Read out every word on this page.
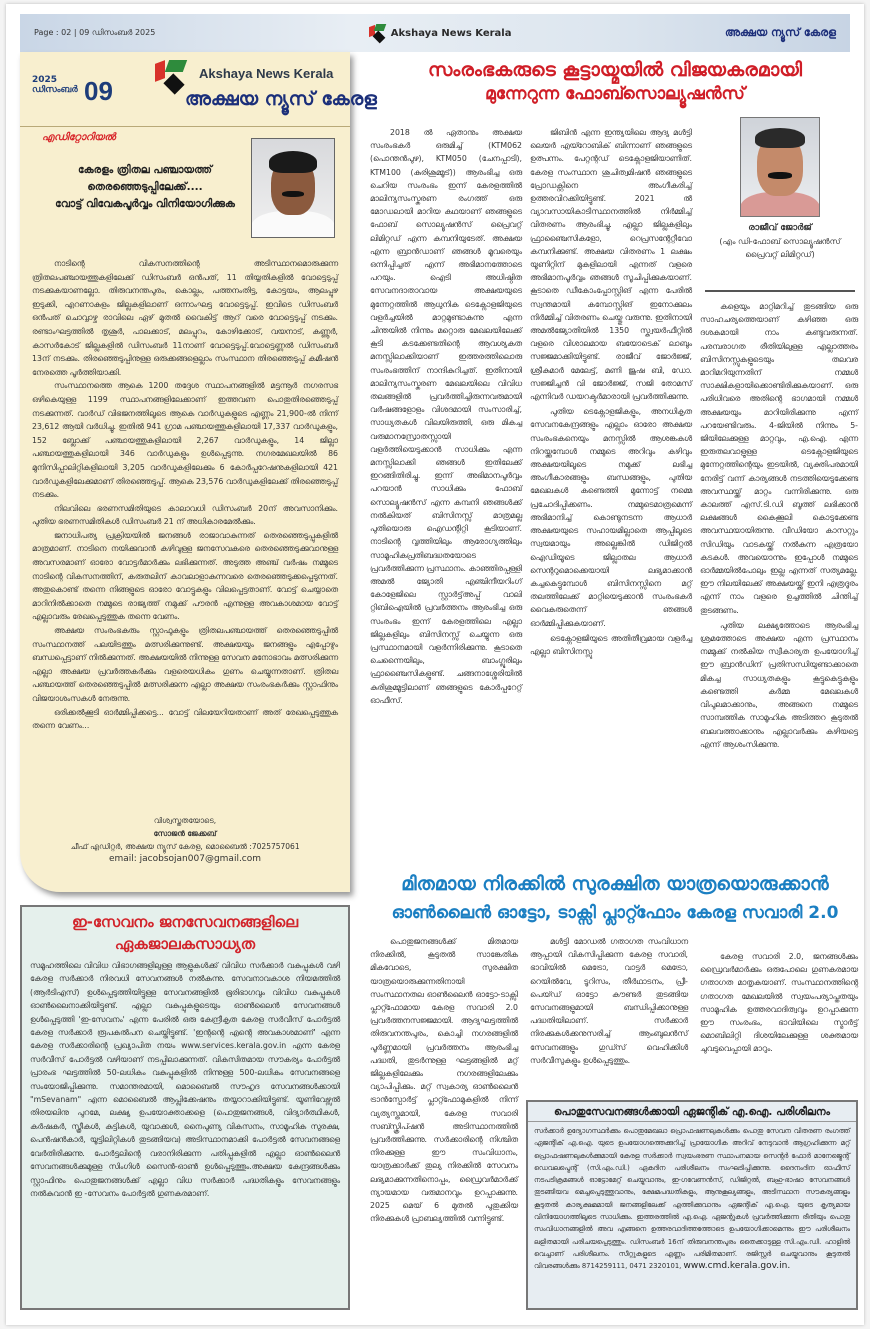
Page : 02 | 09 ഡിസംബർ 2025	Akshaya News Kerala	അക്ഷയ ന്യൂസ് കേരള
2025
ഡിസംബർ 09
Akshaya News Kerala
അക്ഷയ ന്യൂസ് കേരള
എഡിറ്റോറിയൽ
കേരളം ത്രിതല പഞ്ചായത്ത്
തെരഞ്ഞെടുപ്പിലേക്ക്....
വോട്ട് വിവേകപൂർവ്വം വിനിയോഗിക്കുക

നാടിന്റെ വികസനത്തിന്റെ അടിസ്ഥാനമൊരുക്കുന്ന ത്രിതലപഞ്ചായത്തുകളിലേക്ക് ഡിസംബർ ഒൻപത്, 11 തിയ്യതികളിൽ വോട്ടെടുപ്പ് നടക്കുകയാണല്ലോ. തിരുവനന്തപുരം, കൊല്ലം, പത്തനംതിട്ട, കോട്ടയം, ആലപ്പുഴ ഇടുക്കി, എറണാകുളം ജില്ലകളിലാണ് ഒന്നാംഘട്ട വോട്ടെടുപ്പ്. ഇവിടെ ഡിസംബർ ഒൻപത് ചൊവ്വാഴ്ച രാവിലെ ഏഴ് മുതൽ വൈകിട്ട് ആറ് വരെ വോട്ടെടുപ്പ് നടക്കും. രണ്ടാംഘട്ടത്തിൽ തൃശൂർ, പാലക്കാട്, മലപ്പുറം, കോഴിക്കോട്, വയനാട്, കണ്ണൂർ, കാസർകോട് ജില്ലകളിൽ ഡിസംബർ 11നാണ് വോട്ടെടുപ്പ്.വോട്ടെണ്ണൽ ഡിസംബർ 13ന് നടക്കും. തിരഞ്ഞെടുപ്പിനുള്ള ഒരുക്കങ്ങളെല്ലാം സംസ്ഥാന തിരഞ്ഞെടുപ്പ് കമീഷൻ നേരത്തെ പൂർത്തിയാക്കി.

സംസ്ഥാനത്തെ ആകെ 1200 തദ്ദേശ സ്ഥാപനങ്ങളിൽ മട്ടന്നൂർ നഗരസഭ ഒഴികെയുള്ള 1199 സ്ഥാപനങ്ങളിലേക്കാണ് ഇത്തവണ പൊതുതിരഞ്ഞെടുപ്പ് നടക്കുന്നത്. വാർഡ് വിഭജനത്തിലൂടെ ആകെ വാർഡുകളുടെ എണ്ണം 21,900-ൽ നിന്ന് 23,612 ആയി വർധിച്ചു. ഇതിൽ 941 ഗ്രാമ പഞ്ചായത്തുകളിലായി 17,337 വാർഡുകളും, 152 ബ്ലോക്ക് പഞ്ചായത്തുകളിലായി 2,267 വാർഡുകളും, 14 ജില്ലാ പഞ്ചായത്തുകളിലായി 346 വാർഡുകളും ഉൾപ്പെടുന്നു. നഗരമേഖലയിൽ 86 മുനിസിപ്പാലിറ്റികളിലായി 3,205 വാർഡുകളിലേക്കും 6 കോർപ്പറേഷനുകളിലായി 421 വാർഡുകളിലേക്കുമാണ് തിരഞ്ഞെടുപ്പ്. ആകെ 23,576 വാർഡുകളിലേക്ക് തിരഞ്ഞെടുപ്പ് നടക്കും.

നിലവിലെ ഭരണസമിതിയുടെ കാലാവധി ഡിസംബർ 20ന് അവസാനിക്കും. പുതിയ ഭരണസമിതികൾ ഡിസംബർ 21 ന് അധികാരമേൽക്കും.

ജനാധിപത്യ പ്രക്രിയയിൽ ജനങ്ങൾ രാജാവാകുന്നത് തെരഞ്ഞെടുപ്പുകളിൽ മാത്രമാണ്. നാടിനെ നയിക്കുവാൻ കഴിവുള്ള ജനസേവകരെ തെരഞ്ഞെടുക്കുവാനുള്ള അവസരമാണ് ഓരോ വോട്ടർമാർക്കും ലഭിക്കുന്നത്. അടുത്ത അഞ്ച് വർഷം നമ്മുടെ നാടിന്റെ വികസനത്തിന്, കരുതലിന് കാവലാളാകുന്നവരെ തെരഞ്ഞെടുക്കപ്പെടുന്നത്. അതുകൊണ്ട് തന്നെ നിങ്ങളുടെ ഓരോ വോട്ടുകളും വിലപ്പെട്ടതാണ്. വോട്ട് ചെയ്യാതെ മാറിനിൽക്കാതെ നമ്മുടെ രാജ്യത്ത് നമുക്ക് പൗരൻ എന്നുള്ള അവകാശമായ വോട്ട് എല്ലാവരും രേഖപ്പെടുത്തുക തന്നെ വേണം.

അക്ഷയ സംരംഭകരും സ്റ്റാഫുകളും ത്രിതലപഞ്ചായത്ത് തെരഞ്ഞെടുപ്പിൽ സംസ്ഥാനത്ത് പലയിടത്തും മത്സരിക്കുന്നുണ്ട്. അക്ഷയയും ജനങ്ങളും എപ്പോഴും ബന്ധപ്പെട്ടാണ് നിൽക്കുന്നത്. അക്ഷയയിൽ നിന്നുള്ള സേവന മനോഭാവം മത്സരിക്കുന്ന എല്ലാ അക്ഷയ പ്രവർത്തകർക്കും വളരെയധികം ഗുണം ചെയ്യുന്നതാണ്. ത്രിതല പഞ്ചായത്ത് തെരഞ്ഞെടുപ്പിൽ മത്സരിക്കുന്ന എല്ലാ അക്ഷയ സംരംഭകർക്കും സ്റ്റാഫിനും വിജയാശംസകൾ നേരുന്നു.

ഒരിക്കൽക്കൂടി ഓർമ്മിപ്പിക്കട്ടെ... വോട്ട് വിലയേറിയതാണ് അത് രേഖപ്പെടുത്തുക തന്നെ വേണം...

വിശ്വസ്തതയോടെ,
സോജൻ ജേക്കബ്
ചീഫ് എഡിറ്റർ, അക്ഷയ ന്യൂസ് കേരള, മൊബൈൽ :7025757061
email: jacobsojan007@gmail.com
ഇ-സേവനം ജനസേവനങ്ങളിലെ
ഏകജാലകസാധ്യത
സമൂഹത്തിലെ വിവിധ വിഭാഗങ്ങളിലുള്ള ആളുകൾക്ക് വിവിധ സർക്കാർ വകുപ്പുകൾ വഴി കേരള സർക്കാർ നിരവധി സേവനങ്ങൾ നൽകുന്നു. സേവനാവകാശ നിയമത്തിൽ (ആർടിഎസ്) ഉൾപ്പെടുത്തിയിട്ടുള്ള സേവനങ്ങളിൽ ഭൂരിഭാഗവും വിവിധ വകുപ്പുകൾ ഓൺലൈനാക്കിയിട്ടുണ്ട്. എല്ലാ വകുപ്പുകളുടെയും ഓൺലൈൻ സേവനങ്ങൾ ഉൾപ്പെടുത്തി 'ഇ-സേവനം' എന്ന പേരിൽ ഒരു കേന്ദ്രീകൃത കേരള സർവീസ് പോർട്ടൽ കേരള സർക്കാർ രൂപകൽപന ചെയ്തിട്ടുണ്ട്. 'ഇന്റന്റെ എന്റെ അവകാശമാണ്' എന്ന കേരള സർക്കാരിന്റെ പ്രഖ്യാപിത നയം www.services.kerala.gov.in എന്ന കേരള സർവീസ് പോർട്ടൽ വഴിയാണ് നടപ്പിലാക്കുന്നത്. വികസിതമായ സൗകര്യം പോർട്ടൽ പ്രാരംഭ ഘട്ടത്തിൽ 50-ലധികം വകുപ്പുകളിൽ നിന്നുള്ള 500-ലധികം സേവനങ്ങളെ സംയോജിപ്പിക്കുന്നു. സമാന്തരമായി, മൊബൈൽ സൗഹൃദ സേവനങ്ങൾക്കായി "mSevanam" എന്ന മൊബൈൽ ആപ്ലിക്കേഷനും തയ്യാറാക്കിയിട്ടുണ്ട്. യൂണിവേഴ്സൽ തിരയലിനു പുറമേ, ലക്ഷ്യ ഉപയോക്താക്കളെ (പൊതുജനങ്ങൾ, വിദ്യാർത്ഥികൾ, കർഷകർ, സ്ത്രീകൾ, കുട്ടികൾ, യുവാക്കൾ, നൈപുണ്യ വികസനം, സാമൂഹിക സുരക്ഷ, പെൻഷൻകാർ, യൂട്ടിലിറ്റികൾ തുടങ്ങിയവ) അടിസ്ഥാനമാക്കി പോർട്ടൽ സേവനങ്ങളെ വേർതിരിക്കുന്നു. പോർട്ടലിന്റെ വരാനിരിക്കുന്ന പതിപ്പുകളിൽ എല്ലാ ഓൺലൈൻ സേവനങ്ങൾക്കുമുള്ള സിംഗിൾ സൈൻ-ഓൺ ഉൾപ്പെടുത്തും.അക്ഷയ കേന്ദ്രങ്ങൾക്കും സ്റ്റാഫിനും പൊതുജനങ്ങൾക്ക് എല്ലാ വിധ സർക്കാർ പദ്ധതികളും സേവനങ്ങളും നൽകുവാൻ ഇ -സേവനം പോർട്ടൽ ഗുണകരമാണ്.
സംരംഭകരുടെ കൂട്ടായ്മയിൽ വിജയകരമായി
മുന്നേറുന്ന ഫോബ്സൊല്യൂഷൻസ്

2018 ൽ ഏതാനും അക്ഷയ സംരംഭകർ ഒരുമിച്ച് (KTM062 (പൊന്തൻപുഴ), KTM050 (ചേനപ്പാടി), KTM100 (കുരിശുമ്മൂട്)) ആരംഭിച്ച ഒരു ചെറിയ സംരംഭം ഇന്ന് കേരളത്തിൽ മാലിന്യസംസ്കരണ രംഗത്ത് ഒരു മോഡലായി മാറിയ കഥയാണ് ഞങ്ങളുടെ ഫോബ് സൊല്യൂഷൻസ് പ്രൈവറ്റ് ലിമിറ്റഡ് എന്ന കമ്പനിയുടേത്. അക്ഷയ എന്ന ബ്രാൻഡാണ് ഞങ്ങൾ മൂവരെയും ഒന്നിപ്പിച്ചത് എന്ന് അഭിമാനത്തോടെ പറയും. ഐടി അധിഷ്ഠിത സേവനദാതാവായ അക്ഷയയുടെ മുന്നേറ്റത്തിൽ ആധുനിക ടെക്നോളജിയുടെ വളർച്ചയിൽ മാറ്റമുണ്ടാകുന്നു എന്ന ചിന്തയിൽ നിന്നും മറ്റൊരു മേഖലയിലേക്ക് കൂടി കടക്കേണ്ടതിന്റെ ആവശ്യകത മനസ്സിലാക്കിയാണ് ഇത്തരത്തിലൊരു സംരംഭത്തിന് നാന്ദികുറിച്ചത്. ഇതിനായി മാലിന്യസംസ്കരണ മേഖലയിലെ വിവിധ തലങ്ങളിൽ പ്രവർത്തിച്ചിരുന്നവരുമായി വർഷങ്ങളോളം വിശദമായി സംസാരിച്ച്, സാധ്യതകൾ വിലയിരുത്തി, ഒരു മികച്ച വരുമാനസ്രോതസ്സായി വളർത്തിയെടുക്കാൻ സാധിക്കും എന്ന മനസ്സിലാക്കി ഞങ്ങൾ ഇതിലേക്ക് ഇറങ്ങിതിരിച്ചു. ഇന്ന് അഭിമാനപൂർവ്വം പറയാൻ സാധിക്കും ഫോബ് സൊല്യൂഷൻസ് എന്ന കമ്പനി ഞങ്ങൾക്ക് നൽകിയത് ബിസിനസ്സ് മാത്രമല്ല പുതിയൊരു ഐഡന്റിറ്റി കൂടിയാണ്. നാടിന്റെ വൃത്തിയിലും ആരോഗ്യത്തിലും സാമൂഹികപ്രതിബദ്ധതയോടെ പ്രവർത്തിക്കുന്ന പ്രസ്ഥാനം. കാഞ്ഞിരപ്പള്ളി അമൽ ജ്യോതി എഞ്ചിനീയറിംഗ് കോളേജിലെ സ്റ്റാർട്ട്അപ്പ് വാലി റ്റിബിഐയിൽ പ്രവർത്തനം ആരംഭിച്ച ഒരു സംരംഭം ഇന്ന് കേരളത്തിലെ എല്ലാ ജില്ലകളിലും ബിസിനസ്സ് ചെയ്യുന്ന ഒരു പ്രസ്ഥാനമായി വളർന്നിരിക്കുന്നു. കൂടാതെ ചെന്നൈയിലും, ബാംഗ്ലൂരിലും ഫ്രാഞ്ചൈസികളുണ്ട്. ചങ്ങനാശ്ശേരിയിൽ കുരിശുമ്മൂട്ടിലാണ് ഞങ്ങളുടെ കോർപ്പറേറ്റ് ഓഫീസ്.

ജിബിൻ എന്ന ഇന്ത്യയിലെ ആദ്യ മൾട്ടി ലെയർ എയ്റോബിക് ബിന്നാണ് ഞങ്ങളുടെ ഉത്പന്നം. പേറ്റന്റഡ് ടെക്നോളജിയാണിത്. കേരള സംസ്ഥാന ശുചിത്വമിഷൻ ഞങ്ങളുടെ പ്രോഡക്റ്റിനെ അംഗീകരിച്ച് ഉത്തരവിറക്കിയിട്ടുണ്ട്. 2021 ൽ വ്യാവസായികാടിസ്ഥാനത്തിൽ നിർമ്മിച്ച് വിതരണം ആരംഭിച്ചു. എല്ലാ ജില്ലകളിലും ഫ്രാഞ്ചൈസികളോ, റെപ്രസന്റേറ്റീവോ കമ്പനിക്കുണ്ട്. അക്ഷയ വിതരണം 1 ലക്ഷം യൂണിറ്റിന് മുകളിലായി എന്നത് വളരെ അഭിമാനപൂർവ്വം ഞങ്ങൾ സൂചിപ്പിക്കുകയാണ്. കൂടാതെ ഡീകോംപ്പോസ്റ്റിങ് എന്ന പേരിൽ സ്വന്തമായി കമ്പോസ്റ്റിങ് ഇനോക്കുലം നിർമ്മിച്ച് വിതരണം ചെയ്തു വരുന്നു. ഇതിനായി അമൽജ്യോതിയിൽ 1350 സ്ക്വയർഫീറ്റിൽ വളരെ വിശാലമായ ബയോടെക് ലാബും സജ്ജമാക്കിയിട്ടുണ്ട്. രാജീവ് ജോർജ്ജ്, ശ്രീകുമാർ മേലേട്ട്, മണി ജൂഷ ബി, ഡോ. സജ്ജിച്ചൻ വി ജോർജ്ജ്, സജി തോമസ് എന്നിവർ ഡയറക്ടർമാരായി പ്രവർത്തിക്കുന്നു.

പുതിയ ടെക്നോളജികളും, അനധികൃത സേവനകേന്ദ്രങ്ങളും എല്ലാം ഓരോ അക്ഷയ സംരംഭകനെയും മനസ്സിൽ ആശങ്കകൾ നിറയ്ക്കുമ്പോൾ നമ്മുടെ അറിവും കഴിവും അക്ഷയയിലൂടെ നമുക്ക് ലഭിച്ച അംഗീകാരങ്ങളും ബന്ധങ്ങളും, പുതിയ മേഖലകൾ കണ്ടെത്തി മുന്നോട്ട് നമ്മെ പ്രചോദിപ്പിക്കണം. നമ്മുടെമാത്രമെന്ന് അഭിമാനിച്ച് കൊണ്ടുനടന്ന ആധാർ അക്ഷയയുടെ സഹായമില്ലാതെ ആപ്പിലൂടെ സ്വയമായും അല്ലെങ്കിൽ ഡിജിറ്റൽ ഐഡിയൂടെ ജില്ലാതല ആധാർ സെന്ററുമൊക്കെയായി ലഭ്യമാക്കാൻ കച്ചകെട്ടുമ്പോൾ ബിസിനസ്സിനെ മറ്റ് തലത്തിലേക്ക് മാറ്റിയെടുക്കാൻ സംരംഭകർ വൈകരുതെന്ന് ഞങ്ങൾ ഓർമ്മിപ്പിക്കുകയാണ്.

ടെക്നോളജിയുടെ അതിതീവ്രമായ വളർച്ച എല്ലാ ബിസിനസ്സു

രാജീവ് ജോർജ്
(എം ഡി-ഫോബ് സൊല്യൂഷൻസ് പ്രൈവറ്റ് ലിമിറ്റഡ്)

കളെയും മാറ്റിമറിച്ച് തുടങ്ങിയ ഒരു സാഹചര്യത്തെയാണ് കഴിഞ്ഞ ഒരു ദശകമായി നാം കണ്ടുവരുന്നത്. പരമ്പരാഗത രീതിയിലുള്ള എല്ലാത്തരം ബിസിനസ്സുകളുടെയും തലവര മാറിമറിയുന്നതിന് നമ്മൾ സാക്ഷികളായിക്കൊണ്ടിരിക്കുകയാണ്. ഒരു പരിധിവരെ അതിന്റെ ഭാഗമായി നമ്മൾ അക്ഷയയും മാറിയിരിക്കുന്നു എന്ന് പറയേണ്ടിവരും. 4-ജിയിൽ നിന്നും 5-ജിയിലേക്കുള്ള മാറ്റവും, എ.ഐ. എന്ന ഇരുതലവാളുള്ള ടെക്നോളജിയുടെ മുന്നേറ്റത്തിന്റെയും ഇടയിൽ, വ്യക്തിപരമായി നേരിട്ട് വന്ന് കാര്യങ്ങൾ നടത്തിയെടുക്കേണ്ട അവസ്ഥയ്ക്ക് മാറ്റം വന്നിരിക്കുന്നു. ഒരു കാലത്ത് എസ്.ടി.ഡി ബൂത്ത് ലഭിക്കാൻ ലക്ഷങ്ങൾ കൈക്കൂലി കൊടുക്കേണ്ട അവസ്ഥയായിരുന്നു. വീഡിയോ കാസറ്റും സിഡിയും വാടകയ്ക്ക് നൽകുന്ന എത്രയോ കടകൾ. അവയൊന്നും ഇപ്പോൾ നമ്മുടെ ഓർമ്മയിൽപോലും ഇല്ല എന്നത് സത്യമല്ലേ. ഈ നിലയിലേക്ക് അക്ഷയയ്ക്ക് ഇനി എത്രദൂരം എന്ന് നാം വളരെ ഉച്ചത്തിൽ ചിന്തിച്ച് തുടങ്ങണം.

പുതിയ ലക്ഷ്യത്തോടെ ആരംഭിച്ച ശ്രമത്തോടെ അക്ഷയ എന്ന പ്രസ്ഥാനം നമ്മുക്ക് നൽകിയ സ്വീകാര്യത ഉപയോഗിച്ച് ഈ ബ്രാൻഡിന് പ്രതിസന്ധിയുണ്ടാക്കാതെ മികച്ച സാധ്യതകളും കൂട്ടുകെട്ടുകളും കണ്ടെത്തി കർമ്മ മേഖലകൾ വിപുലമാക്കാനും, അങ്ങനെ നമ്മുടെ സാമ്പത്തിക സാമൂഹിക അടിത്തറ കൂടുതൽ ബലവത്താക്കാനും എല്ലാവർക്കും കഴിയട്ടെ എന്ന് ആശംസിക്കുന്നു.

മിതമായ നിരക്കിൽ സുരക്ഷിത യാത്രയൊരുക്കാൻ
ഓൺലൈൻ ഓട്ടോ, ടാക്സി പ്ലാറ്റ്ഫോം കേരള സവാരി 2.0

പൊതുജനങ്ങൾക്ക് മിതമായ നിരക്കിൽ, കൂടുതൽ സാങ്കേതിക മികവോടെ, സുരക്ഷിത യാത്രയൊരുക്കുന്നതിനായി സംസ്ഥാനതല ഓൺലൈൻ ഓട്ടോ-ടാക്സി പ്ലാറ്റ്ഫോമായ കേരള സവാരി 2.0 പ്രവർത്തനസജ്ജമായി. ആദ്യഘട്ടത്തിൽ തിരുവനന്തപുരം, കൊച്ചി നഗരങ്ങളിൽ പൂർണ്ണമായി പ്രവർത്തനം ആരംഭിച്ച പദ്ധതി, തുടർന്നുള്ള ഘട്ടങ്ങളിൽ മറ്റ് ജില്ലകളിലേക്കും നഗരങ്ങളിലേക്കും വ്യാപിപ്പിക്കും. മറ്റ് സ്വകാര്യ ഓൺലൈൻ ട്രാൻസ്പോർട്ട് പ്ലാറ്റ്ഫോമുകളിൽ നിന്ന് വ്യത്യസ്തമായി, കേരള സവാരി സബ്സ്ക്രിപ്ഷൻ അടിസ്ഥാനത്തിൽ പ്രവർത്തിക്കുന്നു. സർക്കാരിന്റെ നിശ്ചിത നിരക്കുള്ള ഈ സംവിധാനം, യാത്രക്കാർക്ക് തുല്യ നിരക്കിൽ സേവനം ലഭ്യമാക്കുന്നതിനൊപ്പം, ഡ്രൈവർമാർക്ക് ന്യായമായ വരുമാനവും ഉറപ്പാക്കുന്നു. 2025 മെയ് 6 മുതൽ പുതുക്കിയ നിരക്കുകൾ പ്രാബല്യത്തിൽ വന്നിട്ടുണ്ട്.

മൾട്ടി മോഡൽ ഗതാഗത സംവിധാന ആപ്പായി വികസിപ്പിക്കുന്ന കേരള സവാരി, ഭാവിയിൽ മെട്രോ, വാട്ടർ മെട്രോ, റെയിൽവേ, ടൂറിസം, തീർഥാടനം, പ്രീ-പെയ്ഡ് ഓട്ടോ കൗണ്ടർ തുടങ്ങിയ സേവനങ്ങളുമായി ബന്ധിപ്പിക്കാനുള്ള പദ്ധതിയിലാണ്. സർക്കാർ നിരക്കുകൾക്കനുസരിച്ച് ആംബുലൻസ് സേവനങ്ങളും ഗുഡ്സ് വെഹിക്കിൾ സർവീസുകളും ഉൾപ്പെടുത്തും.

കേരള സവാരി 2.0, ജനങ്ങൾക്കും ഡ്രൈവർമാർക്കും ഒരുപോലെ ഗുണകരമായ ഗതാഗത മാതൃകയാണ്. സംസ്ഥാനത്തിന്റെ ഗതാഗത മേഖലയിൽ സ്വയംപര്യാപ്തതയും സാമൂഹിക ഉത്തരവാദിത്വവും ഉറപ്പാക്കുന്ന ഈ സംരംഭം, ഭാവിയിലെ സ്മാർട്ട് മൊബിലിറ്റി ദിശയിലേക്കുള്ള ശക്തമായ ചുവടുവെപ്പായി മാറും.

പൊതുസേവനങ്ങൾക്കായി ഏജന്റിക് എ.ഐ. പരിശീലനം
സർക്കാർ ഉദ്യോഗസ്ഥർക്കും പൊതുമേഖലാ പ്രൊഫഷണലുകൾക്കും പൊതു സേവന വിതരണ രംഗത്ത് ഏജന്റിക് എ.ഐ. യുടെ ഉപയോഗത്തെക്കുറിച്ച് പ്രായോഗിക അറിവ് നേടുവാൻ ആഗ്രഹിക്കുന്ന മറ്റ് പ്രൊഫഷണലുകൾക്കുമായി കേരള സർക്കാർ സ്വയംഭരണ സ്ഥാപനമായ സെന്റർ ഫോർ മാനേജ്മെന്റ് ഡെവലപ്മെന്റ് (സി.എം.ഡി.) ഏകദിന പരിശീലനം സംഘടിപ്പിക്കുന്നു. ദൈനംദിന ഓഫീസ് നടപടിക്രമങ്ങൾ ഓട്ടോമേറ്റ് ചെയ്യുവാനും, ഇ-ഗവേണൻസ്, ഡിജിറ്റൽ, ബഹു-ഭാഷാ സേവനങ്ങൾ തുടങ്ങിയവ മെച്ചപ്പെടുത്തുവാനും, ക്ഷേമപദ്ധതികളും, ആനുകൂല്യങ്ങളും, അടിസ്ഥാന സൗകര്യങ്ങളും കൂടുതൽ കാര്യക്ഷമമായി ജനങ്ങളിലേക്ക് എത്തിക്കുവാനും ഏജന്റിക് എ.ഐ. യുടെ കൃത്യമായ വിനിയോഗത്തിലൂടെ സാധിക്കും. ഇത്തരത്തിൽ എ.ഐ. ഏജന്റുകൾ പ്രവർത്തിക്കുന്ന രീതിയും പൊതു സംവിധാനങ്ങളിൽ അവ എങ്ങനെ ഉത്തരവാദിത്തത്തോടെ ഉപയോഗിക്കാമെന്നും ഈ പരിശീലനം ലളിതമായി പരിചയപ്പെടുത്തും. ഡിസംബർ 16ന് തിരുവനന്തപുരം തൈക്കാടുള്ള സി.എം.ഡി. ഹാളിൽ വെച്ചാണ് പരിശീലനം. സീറ്റുകളുടെ എണ്ണം പരിമിതമാണ്. രജിസ്റ്റർ ചെയ്യുവാനും കൂടുതൽ വിവരങ്ങൾക്കും 8714259111, 0471 2320101, www.cmd.kerala.gov.in.
